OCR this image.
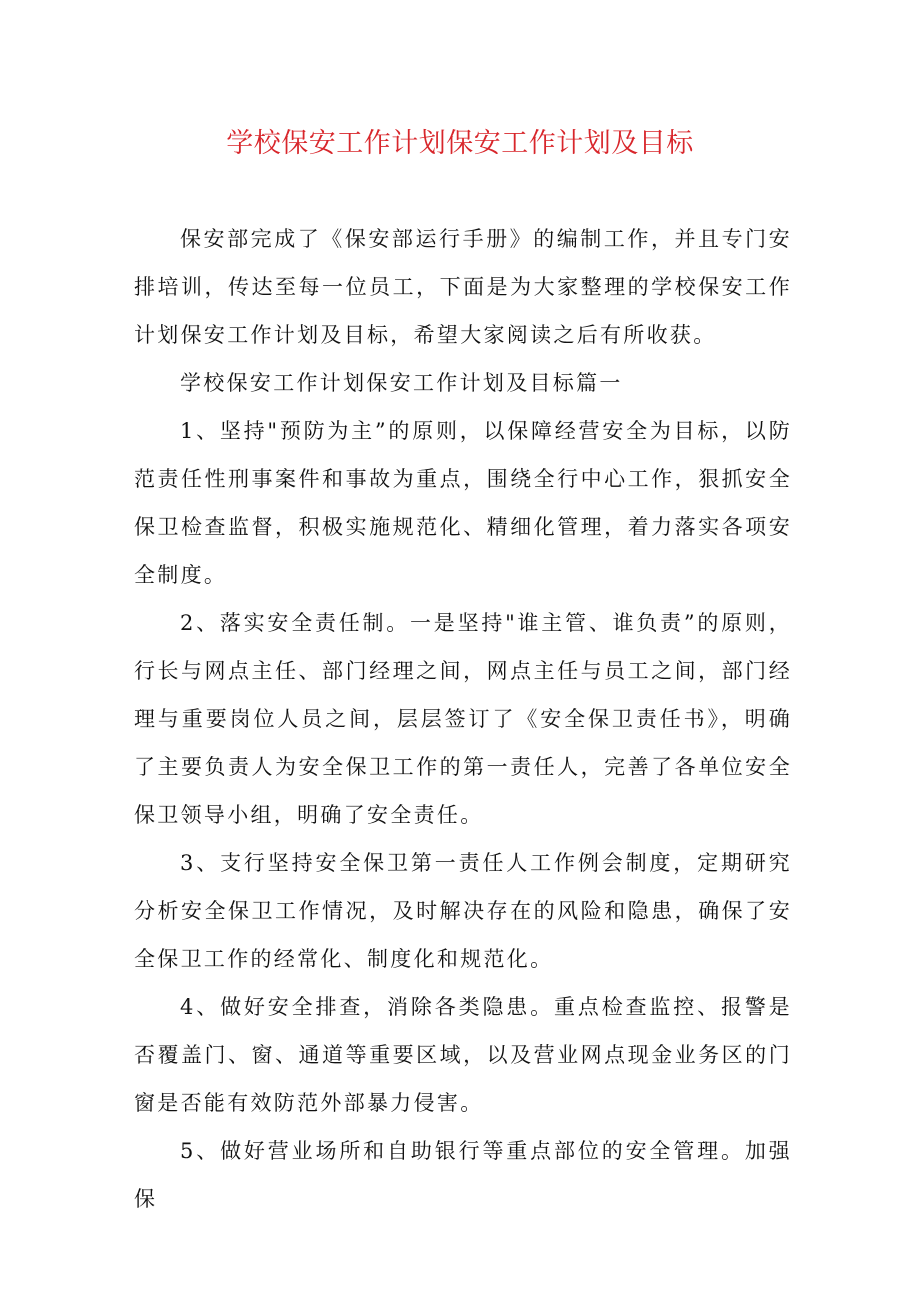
学校保安工作计划保安工作计划及目标

保安部完成了《保安部运行手册》的编制工作，并且专门安排培训，传达至每一位员工，下面是为大家整理的学校保安工作计划保安工作计划及目标，希望大家阅读之后有所收获。

学校保安工作计划保安工作计划及目标篇一

1、坚持"预防为主”的原则，以保障经营安全为目标，以防范责任性刑事案件和事故为重点，围绕全行中心工作，狠抓安全保卫检查监督，积极实施规范化、精细化管理，着力落实各项安全制度。

2、落实安全责任制。一是坚持"谁主管、谁负责”的原则，行长与网点主任、部门经理之间，网点主任与员工之间，部门经理与重要岗位人员之间，层层签订了《安全保卫责任书》，明确了主要负责人为安全保卫工作的第一责任人，完善了各单位安全保卫领导小组，明确了安全责任。

3、支行坚持安全保卫第一责任人工作例会制度，定期研究分析安全保卫工作情况，及时解决存在的风险和隐患，确保了安全保卫工作的经常化、制度化和规范化。

4、做好安全排查，消除各类隐患。重点检查监控、报警是否覆盖门、窗、通道等重要区域，以及营业网点现金业务区的门窗是否能有效防范外部暴力侵害。

5、做好营业场所和自助银行等重点部位的安全管理。加强保
